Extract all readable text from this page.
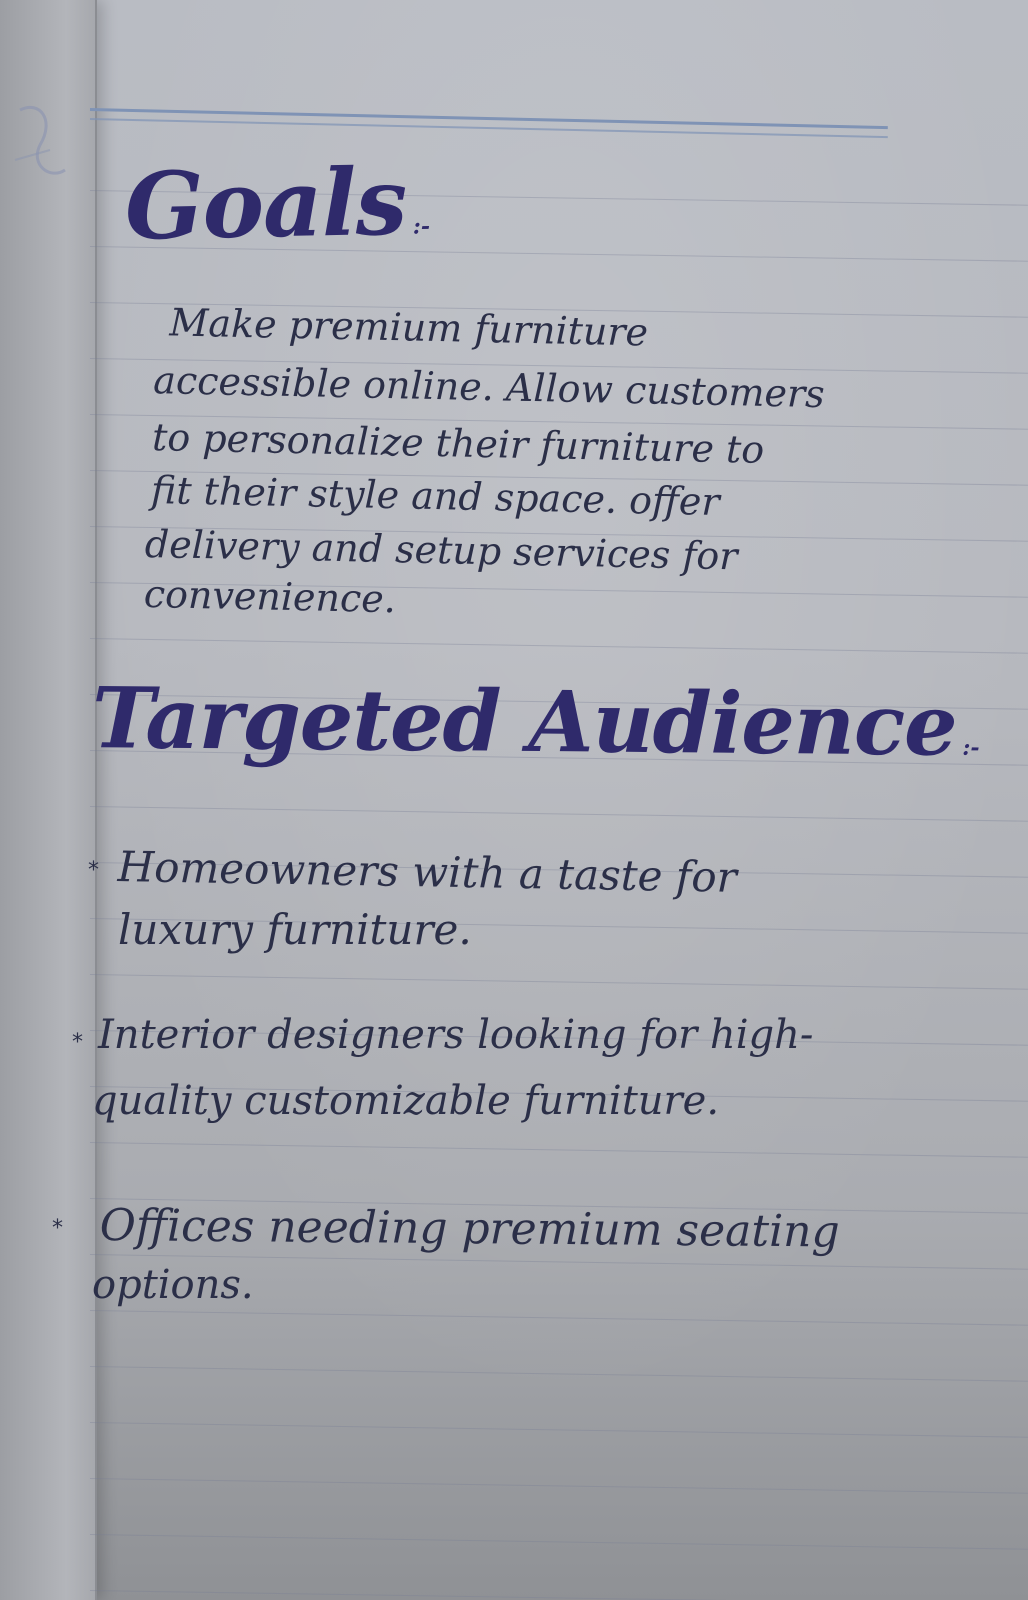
Goals :-
Make premium furniture
accessible online. Allow customers
to personalize their furniture to
fit their style and space. offer
delivery and setup services for
convenience.
Targeted Audience :-
* Homeowners with a taste for
luxury furniture.
* Interior designers looking for high-
quality customizable furniture.
* Offices needing premium seating
options.
